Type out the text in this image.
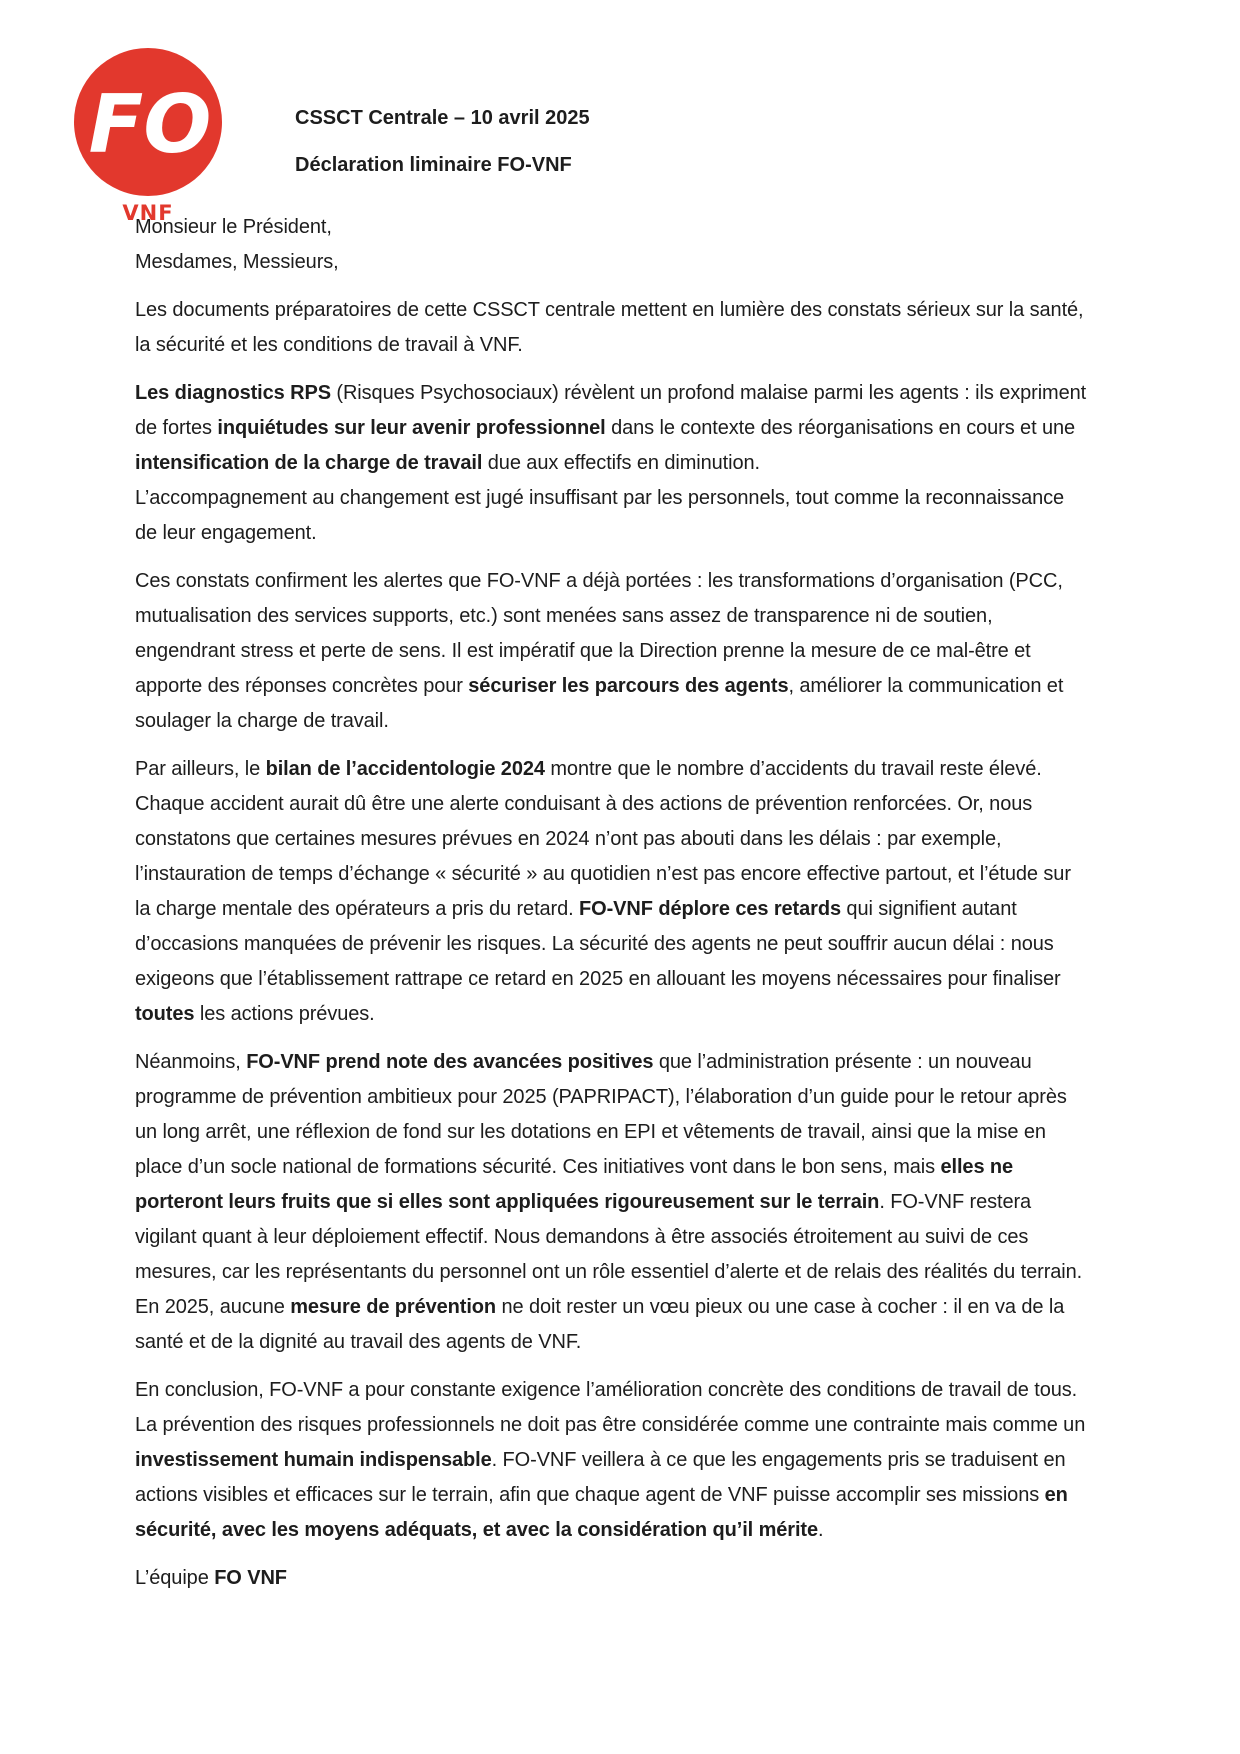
FO
VNF

CSSCT Centrale – 10 avril 2025

Déclaration liminaire FO-VNF

Monsieur le Président,
Mesdames, Messieurs,

Les documents préparatoires de cette CSSCT centrale mettent en lumière des constats sérieux sur la santé, la sécurité et les conditions de travail à VNF.

Les diagnostics RPS (Risques Psychosociaux) révèlent un profond malaise parmi les agents : ils expriment de fortes inquiétudes sur leur avenir professionnel dans le contexte des réorganisations en cours et une intensification de la charge de travail due aux effectifs en diminution.
L’accompagnement au changement est jugé insuffisant par les personnels, tout comme la reconnaissance de leur engagement.

Ces constats confirment les alertes que FO-VNF a déjà portées : les transformations d’organisation (PCC, mutualisation des services supports, etc.) sont menées sans assez de transparence ni de soutien, engendrant stress et perte de sens. Il est impératif que la Direction prenne la mesure de ce mal-être et apporte des réponses concrètes pour sécuriser les parcours des agents, améliorer la communication et soulager la charge de travail.

Par ailleurs, le bilan de l’accidentologie 2024 montre que le nombre d’accidents du travail reste élevé. Chaque accident aurait dû être une alerte conduisant à des actions de prévention renforcées. Or, nous constatons que certaines mesures prévues en 2024 n’ont pas abouti dans les délais : par exemple, l’instauration de temps d’échange « sécurité » au quotidien n’est pas encore effective partout, et l’étude sur la charge mentale des opérateurs a pris du retard. FO-VNF déplore ces retards qui signifient autant d’occasions manquées de prévenir les risques. La sécurité des agents ne peut souffrir aucun délai : nous exigeons que l’établissement rattrape ce retard en 2025 en allouant les moyens nécessaires pour finaliser toutes les actions prévues.

Néanmoins, FO-VNF prend note des avancées positives que l’administration présente : un nouveau programme de prévention ambitieux pour 2025 (PAPRIPACT), l’élaboration d’un guide pour le retour après un long arrêt, une réflexion de fond sur les dotations en EPI et vêtements de travail, ainsi que la mise en place d’un socle national de formations sécurité. Ces initiatives vont dans le bon sens, mais elles ne porteront leurs fruits que si elles sont appliquées rigoureusement sur le terrain. FO-VNF restera vigilant quant à leur déploiement effectif. Nous demandons à être associés étroitement au suivi de ces mesures, car les représentants du personnel ont un rôle essentiel d’alerte et de relais des réalités du terrain. En 2025, aucune mesure de prévention ne doit rester un vœu pieux ou une case à cocher : il en va de la santé et de la dignité au travail des agents de VNF.

En conclusion, FO-VNF a pour constante exigence l’amélioration concrète des conditions de travail de tous. La prévention des risques professionnels ne doit pas être considérée comme une contrainte mais comme un investissement humain indispensable. FO-VNF veillera à ce que les engagements pris se traduisent en actions visibles et efficaces sur le terrain, afin que chaque agent de VNF puisse accomplir ses missions en sécurité, avec les moyens adéquats, et avec la considération qu’il mérite.

L’équipe FO VNF
